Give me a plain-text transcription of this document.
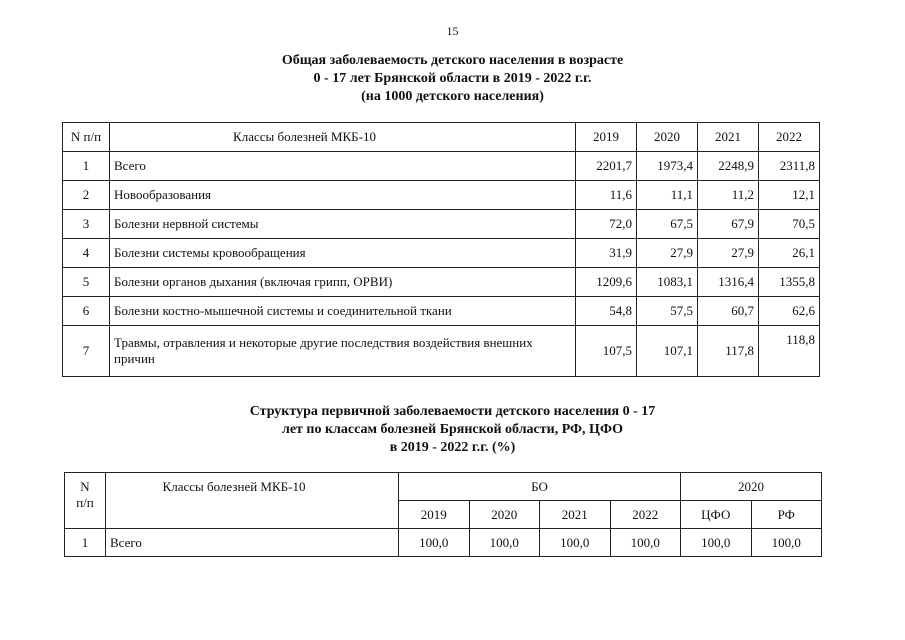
15
Общая заболеваемость детского населения в возрасте
0 - 17 лет Брянской области в 2019 - 2022 г.г.
(на 1000 детского населения)
N п/п	Классы болезней МКБ-10	2019	2020	2021	2022
1	Всего	2201,7	1973,4	2248,9	2311,8
2	Новообразования	11,6	11,1	11,2	12,1
3	Болезни нервной системы	72,0	67,5	67,9	70,5
4	Болезни системы кровообращения	31,9	27,9	27,9	26,1
5	Болезни органов дыхания (включая грипп, ОРВИ)	1209,6	1083,1	1316,4	1355,8
6	Болезни костно-мышечной системы и соединительной ткани	54,8	57,5	60,7	62,6
7	Травмы, отравления и некоторые другие последствия воздействия внешних причин	107,5	107,1	117,8	118,8
Структура первичной заболеваемости детского населения 0 - 17
лет по классам болезней Брянской области, РФ, ЦФО
в 2019 - 2022 г.г. (%)
N
п/п	Классы болезней МКБ-10	БО				2020	
		2019	2020	2021	2022	ЦФО	РФ
1	Всего	100,0	100,0	100,0	100,0	100,0	100,0
